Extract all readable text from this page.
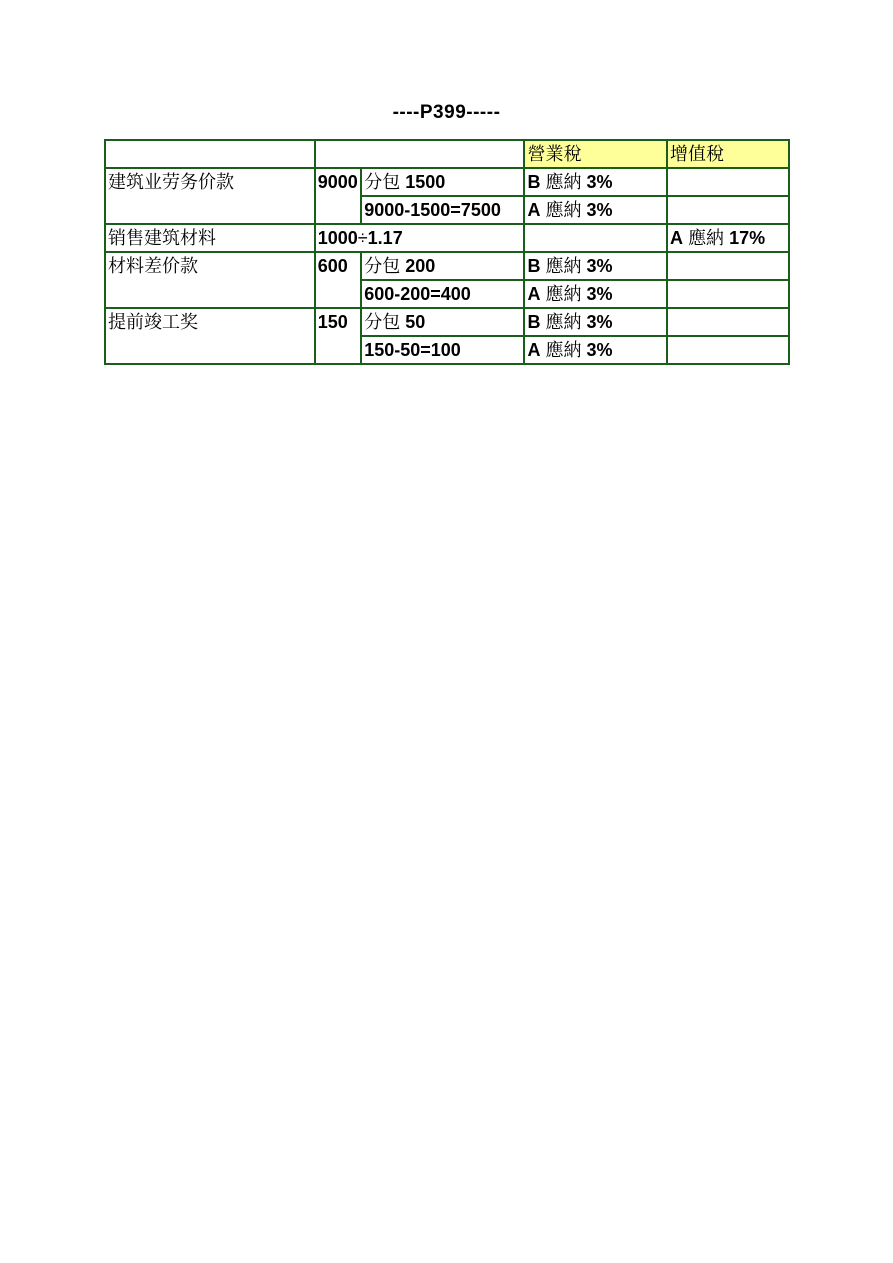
----P399-----
			營業稅	增值稅
建筑业劳务价款	9000	分包 1500	B 應納 3%	
		9000-1500=7500	A 應納 3%	
销售建筑材料	1000÷1.17			A 應納 17%
材料差价款	600	分包 200	B 應納 3%	
		600-200=400	A 應納 3%	
提前竣工奖	150	分包 50	B 應納 3%	
		150-50=100	A 應納 3%	
